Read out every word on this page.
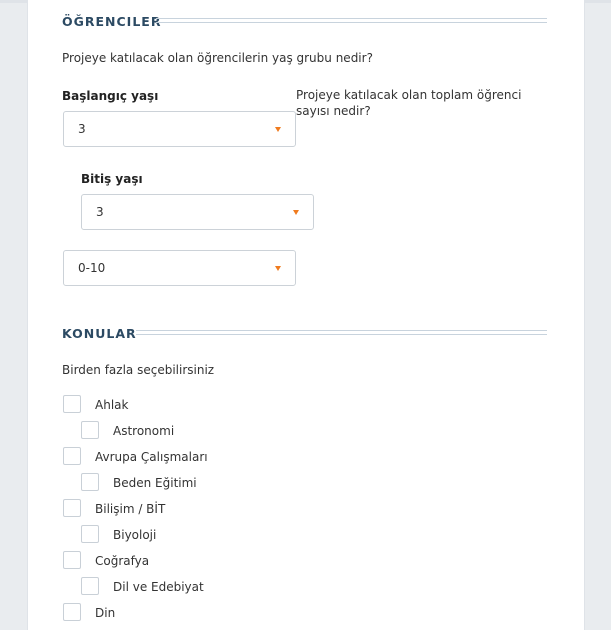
ÖĞRENCILER
Projeye katılacak olan öğrencilerin yaş grubu nedir?
Başlangıç yaşı	Projeye katılacak olan toplam öğrenci sayısı nedir?
3
Bitiş yaşı
3
0-10
KONULAR
Birden fazla seçebilirsiniz
Ahlak
Astronomi
Avrupa Çalışmaları
Beden Eğitimi
Bilişim / BİT
Biyoloji
Coğrafya
Dil ve Edebiyat
Din
